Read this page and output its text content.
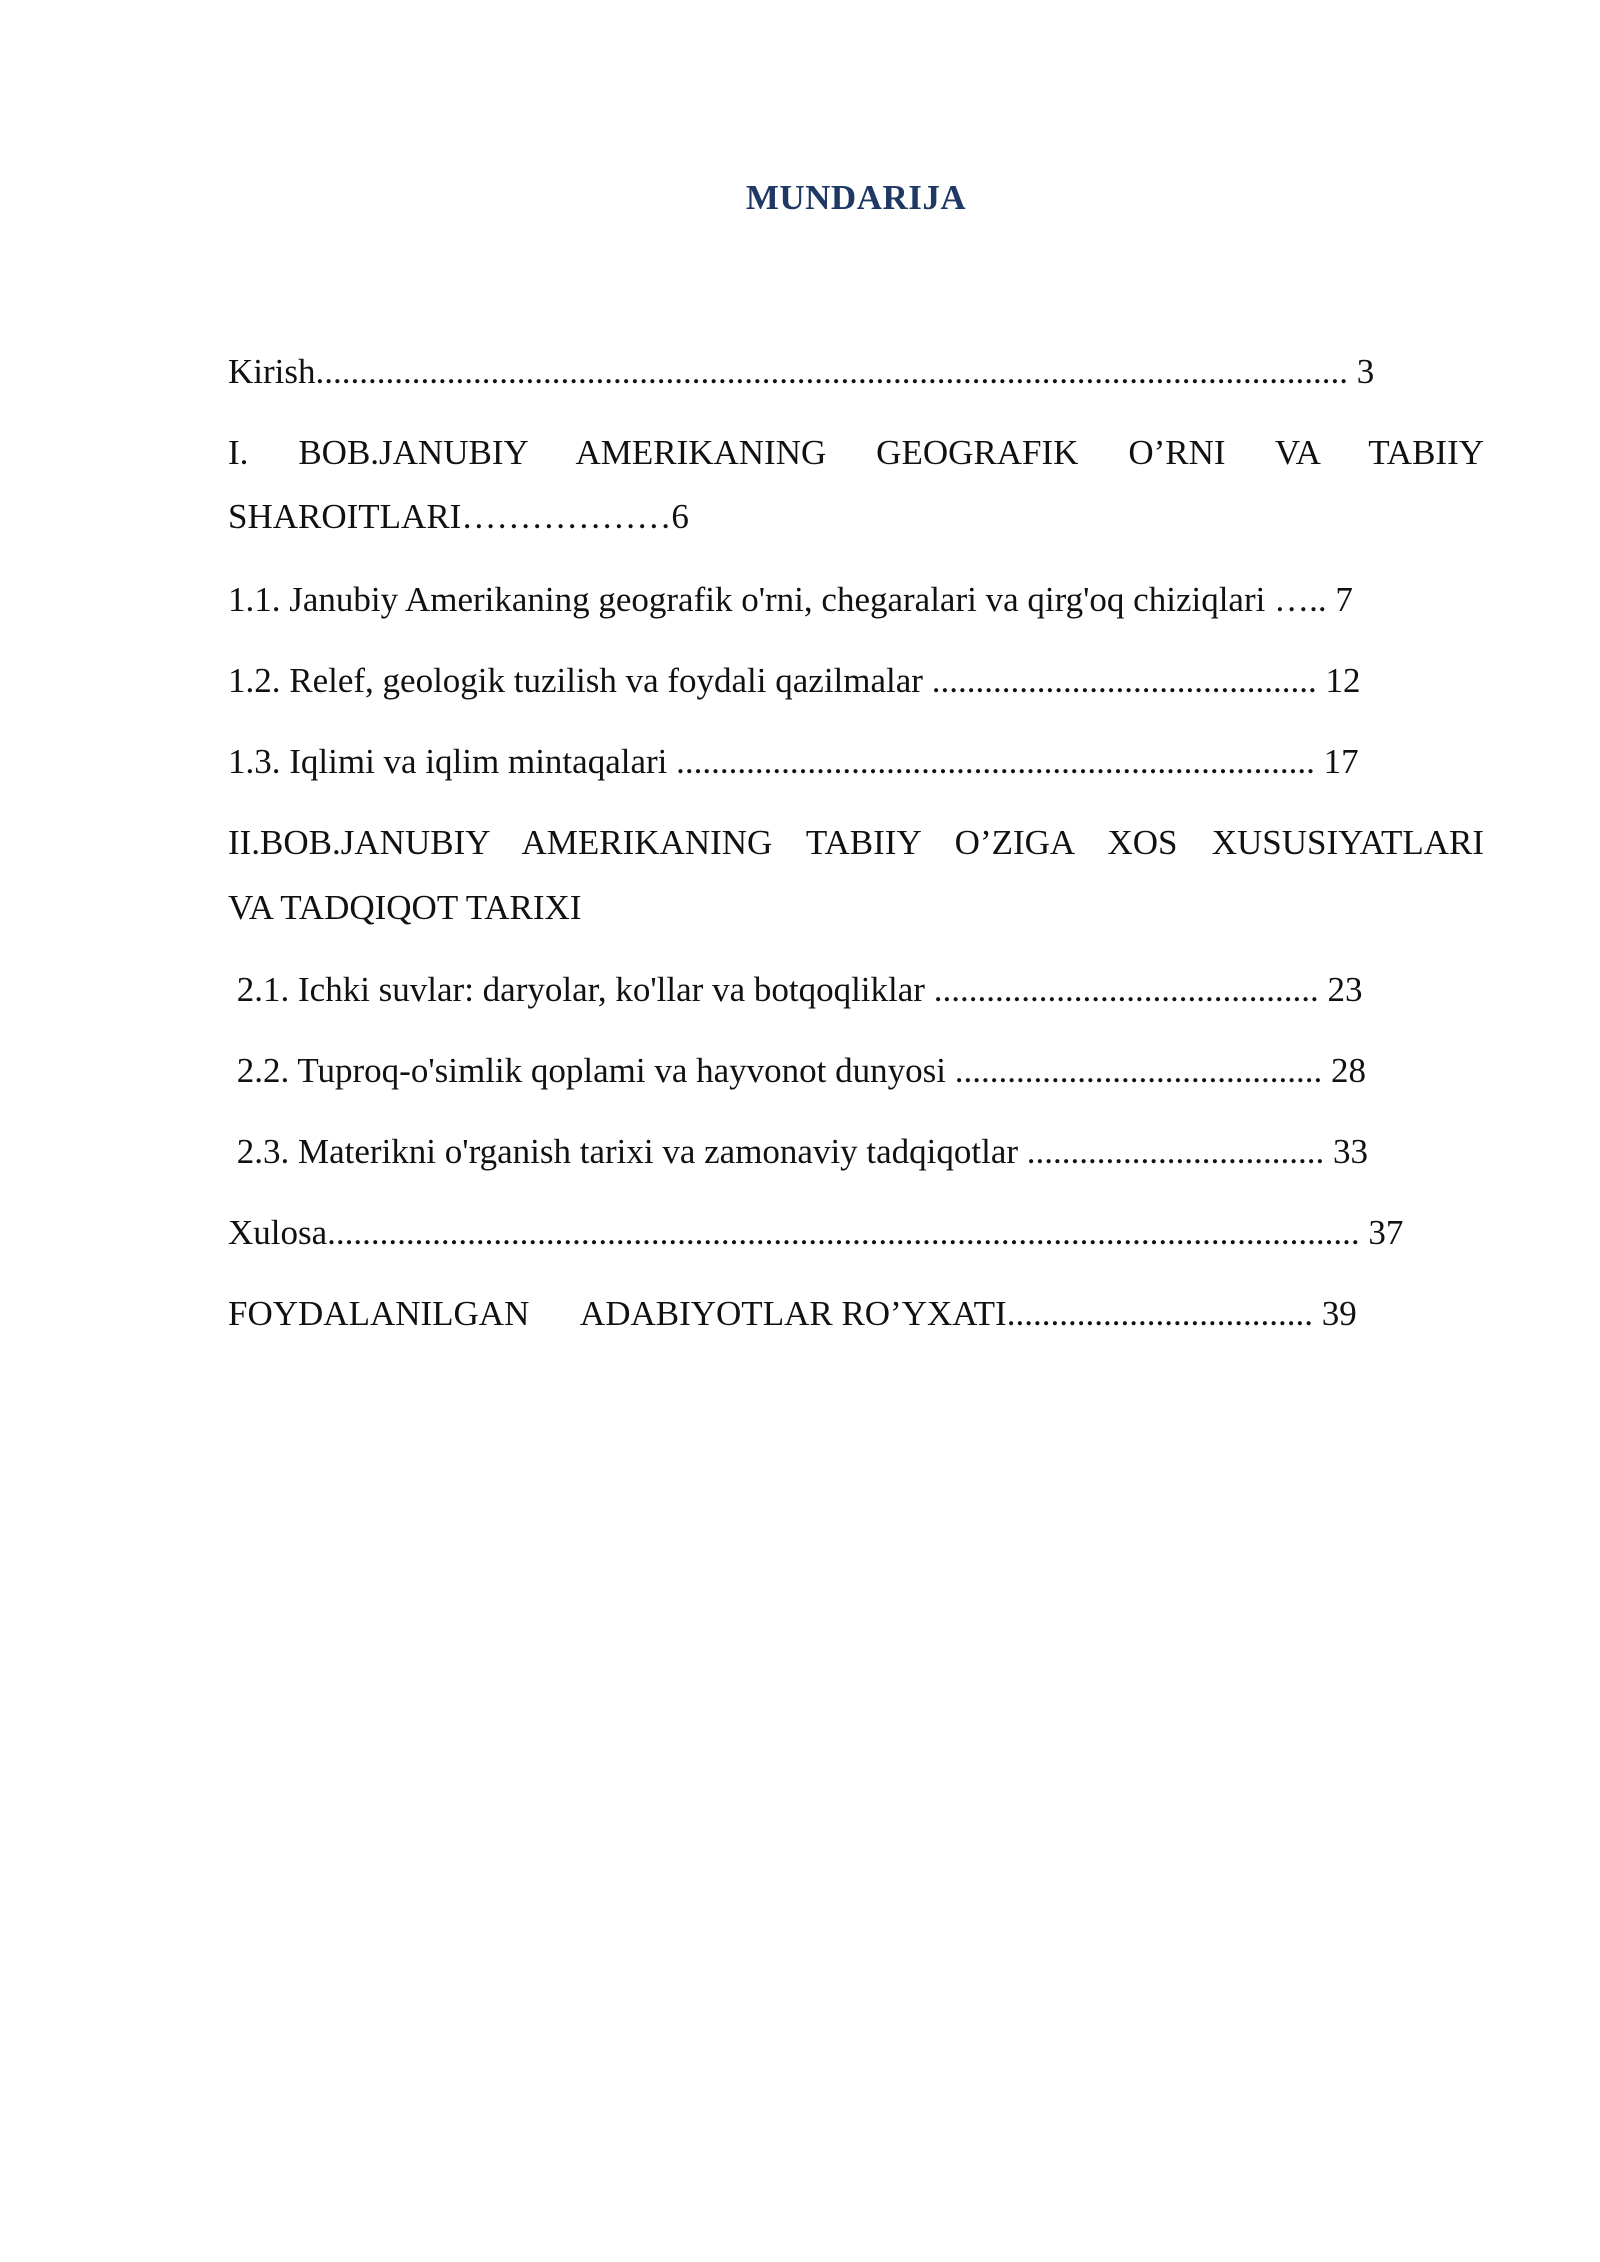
MUNDARIJA
Kirish...................................................................................................................... 3
I. BOB.JANUBIY AMERIKANING GEOGRAFIK O’RNI VA TABIIY
SHAROITLARI………………6
1.1. Janubiy Amerikaning geografik o'rni, chegaralari va qirg'oq chiziqlari ….. 7
1.2. Relef, geologik tuzilish va foydali qazilmalar ............................................ 12
1.3. Iqlimi va iqlim mintaqalari ......................................................................... 17
II.BOB.JANUBIY AMERIKANING TABIIY O’ZIGA XOS XUSUSIYATLARI
VA TADQIQOT TARIXI
2.1. Ichki suvlar: daryolar, ko'llar va botqoqliklar ............................................ 23
2.2. Tuproq-o'simlik qoplami va hayvonot dunyosi .......................................... 28
2.3. Materikni o'rganish tarixi va zamonaviy tadqiqotlar .................................. 33
Xulosa...................................................................................................................... 37
FOYDALANILGAN      ADABIYOTLAR RO’YXATI................................... 39
